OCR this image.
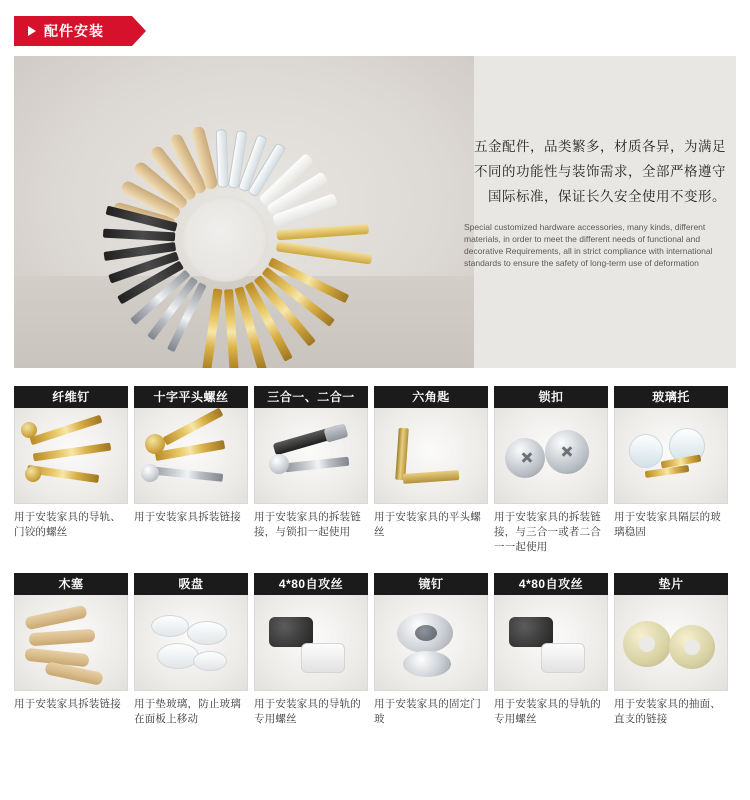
配件安装
五金配件，品类繁多，材质各异，为满足不同的功能性与装饰需求，全部严格遵守国际标准，保证长久安全使用不变形。
Special customized hardware accessories, many kinds, different materials, in order to meet the different needs of functional and decorative Requirements, all in strict compliance with international standards to ensure the safety of long-term use of deformation
纤维钉
用于安装家具的导轨、门铰的螺丝
十字平头螺丝
用于安装家具拆装链接
三合一、二合一
用于安装家具的拆装链接，与锁扣一起使用
六角匙
用于安装家具的平头螺丝
锁扣
用于安装家具的拆装链接，与三合一或者二合一一起使用
玻璃托
用于安装家具隔层的玻璃稳固
木塞
用于安装家具拆装链接
吸盘
用于垫玻璃，防止玻璃在面板上移动
4*80自攻丝
用于安装家具的导轨的专用螺丝
镜钉
用于安装家具的固定门玻
4*80自攻丝
用于安装家具的导轨的专用螺丝
垫片
用于安装家具的抽面、直支的链接
